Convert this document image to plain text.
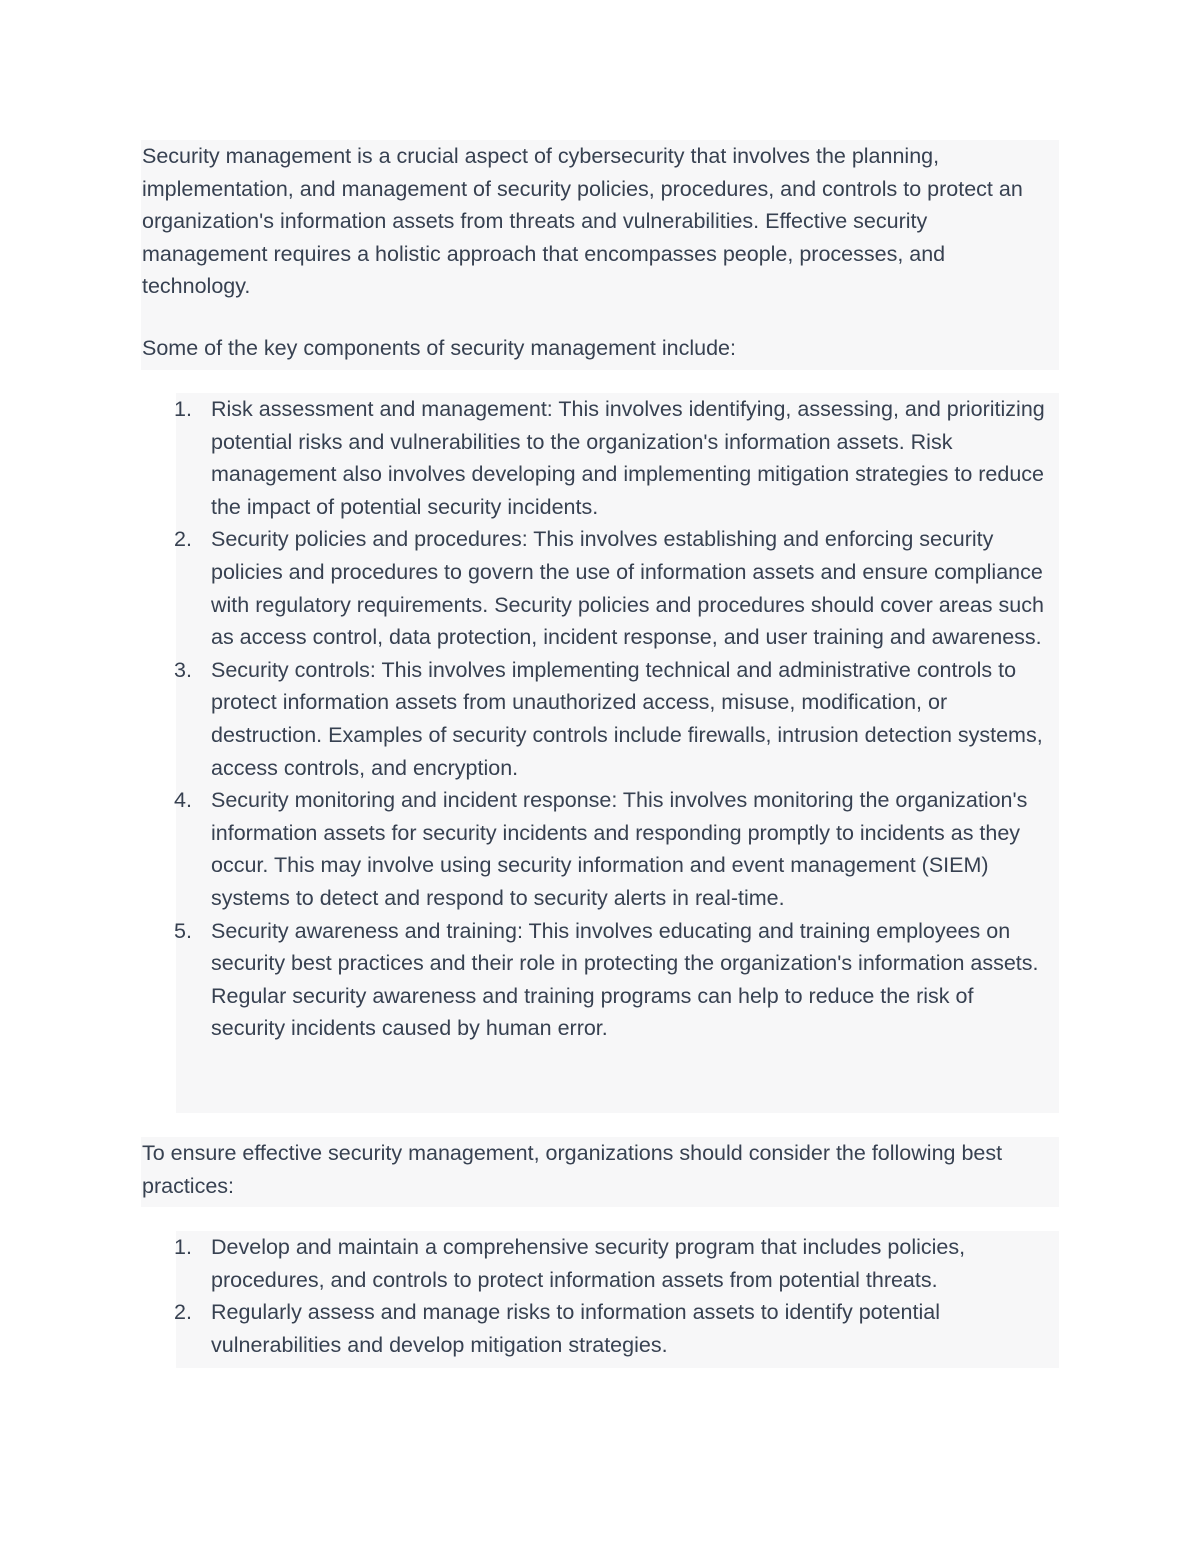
Security management is a crucial aspect of cybersecurity that involves the planning, implementation, and management of security policies, procedures, and controls to protect an organization's information assets from threats and vulnerabilities. Effective security management requires a holistic approach that encompasses people, processes, and technology.

Some of the key components of security management include:

1. Risk assessment and management: This involves identifying, assessing, and prioritizing potential risks and vulnerabilities to the organization's information assets. Risk management also involves developing and implementing mitigation strategies to reduce the impact of potential security incidents.
2. Security policies and procedures: This involves establishing and enforcing security policies and procedures to govern the use of information assets and ensure compliance with regulatory requirements. Security policies and procedures should cover areas such as access control, data protection, incident response, and user training and awareness.
3. Security controls: This involves implementing technical and administrative controls to protect information assets from unauthorized access, misuse, modification, or destruction. Examples of security controls include firewalls, intrusion detection systems, access controls, and encryption.
4. Security monitoring and incident response: This involves monitoring the organization's information assets for security incidents and responding promptly to incidents as they occur. This may involve using security information and event management (SIEM) systems to detect and respond to security alerts in real-time.
5. Security awareness and training: This involves educating and training employees on security best practices and their role in protecting the organization's information assets. Regular security awareness and training programs can help to reduce the risk of security incidents caused by human error.

To ensure effective security management, organizations should consider the following best practices:

1. Develop and maintain a comprehensive security program that includes policies, procedures, and controls to protect information assets from potential threats.
2. Regularly assess and manage risks to information assets to identify potential vulnerabilities and develop mitigation strategies.
